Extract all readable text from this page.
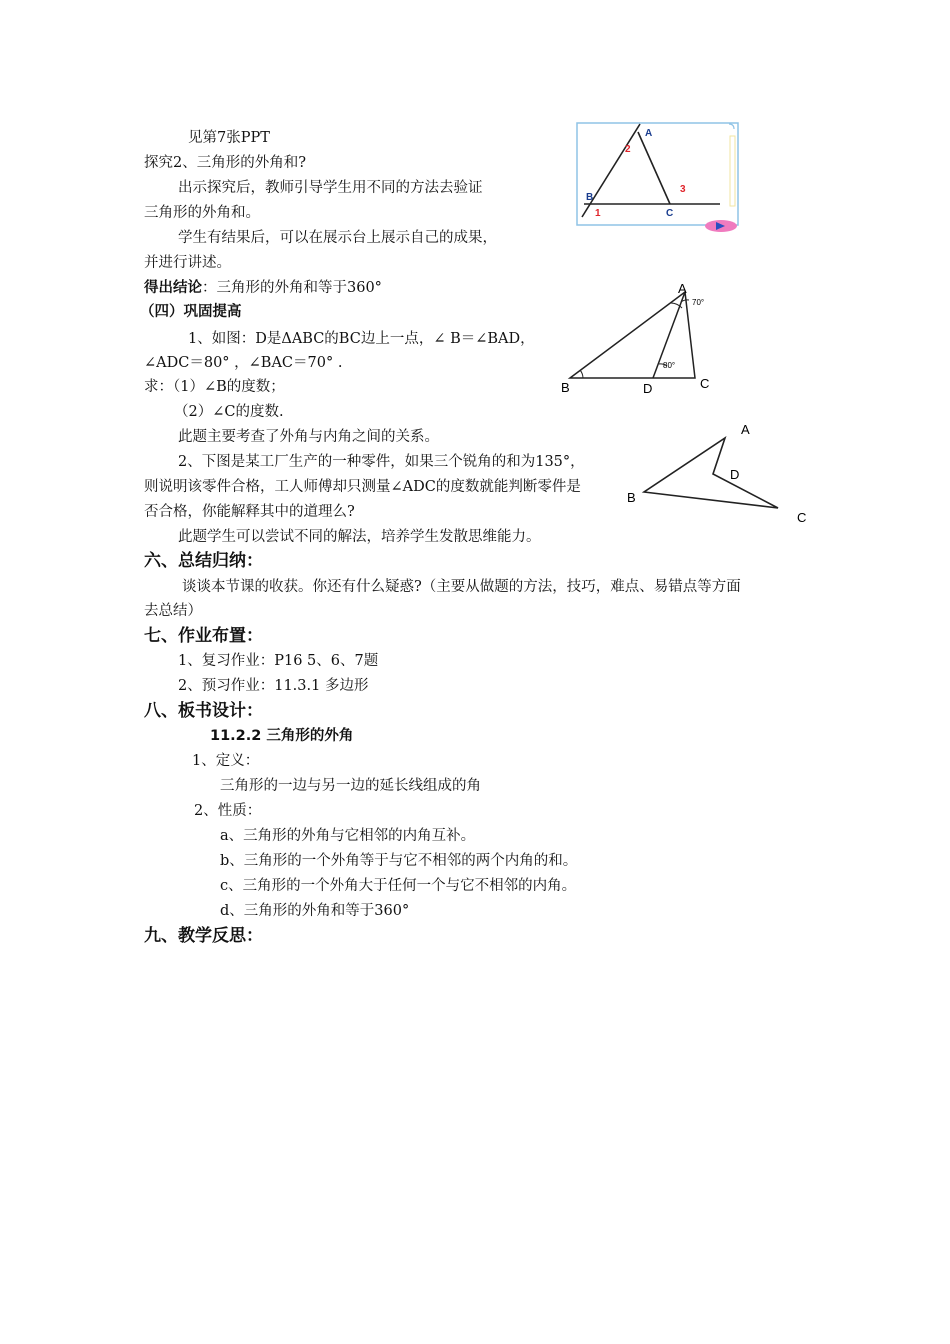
见第7张PPT
探究2、三角形的外角和?
出示探究后，教师引导学生用不同的方法去验证
三角形的外角和。
学生有结果后，可以在展示台上展示自己的成果，
并进行讲述。
得出结论：三角形的外角和等于360°
（四）巩固提高
1、如图：D是ΔABC的BC边上一点，∠ B＝∠BAD，
∠ADC＝80° ，∠BAC＝70° .
求：（1）∠B的度数；
（2）∠C的度数.
此题主要考查了外角与内角之间的关系。
2、下图是某工厂生产的一种零件，如果三个锐角的和为135°，
则说明该零件合格，工人师傅却只测量∠ADC的度数就能判断零件是
否合格，你能解释其中的道理么?
此题学生可以尝试不同的解法，培养学生发散思维能力。
六、总结归纳：
谈谈本节课的收获。你还有什么疑惑?（主要从做题的方法，技巧，难点、易错点等方面
去总结）
七、作业布置：
1、复习作业：P16 5、6、7题
2、预习作业：11.3.1 多边形
八、板书设计：
11.2.2 三角形的外角
1、定义：
三角形的一边与另一边的延长线组成的角
2、性质：
a、三角形的外角与它相邻的内角互补。
b、三角形的一个外角等于与它不相邻的两个内角的和。
c、三角形的一个外角大于任何一个与它不相邻的内角。
d、三角形的外角和等于360°
九、教学反思：
A
B
C
1
2
3
A
B	C
D
70°
80°
A
B
C
D
